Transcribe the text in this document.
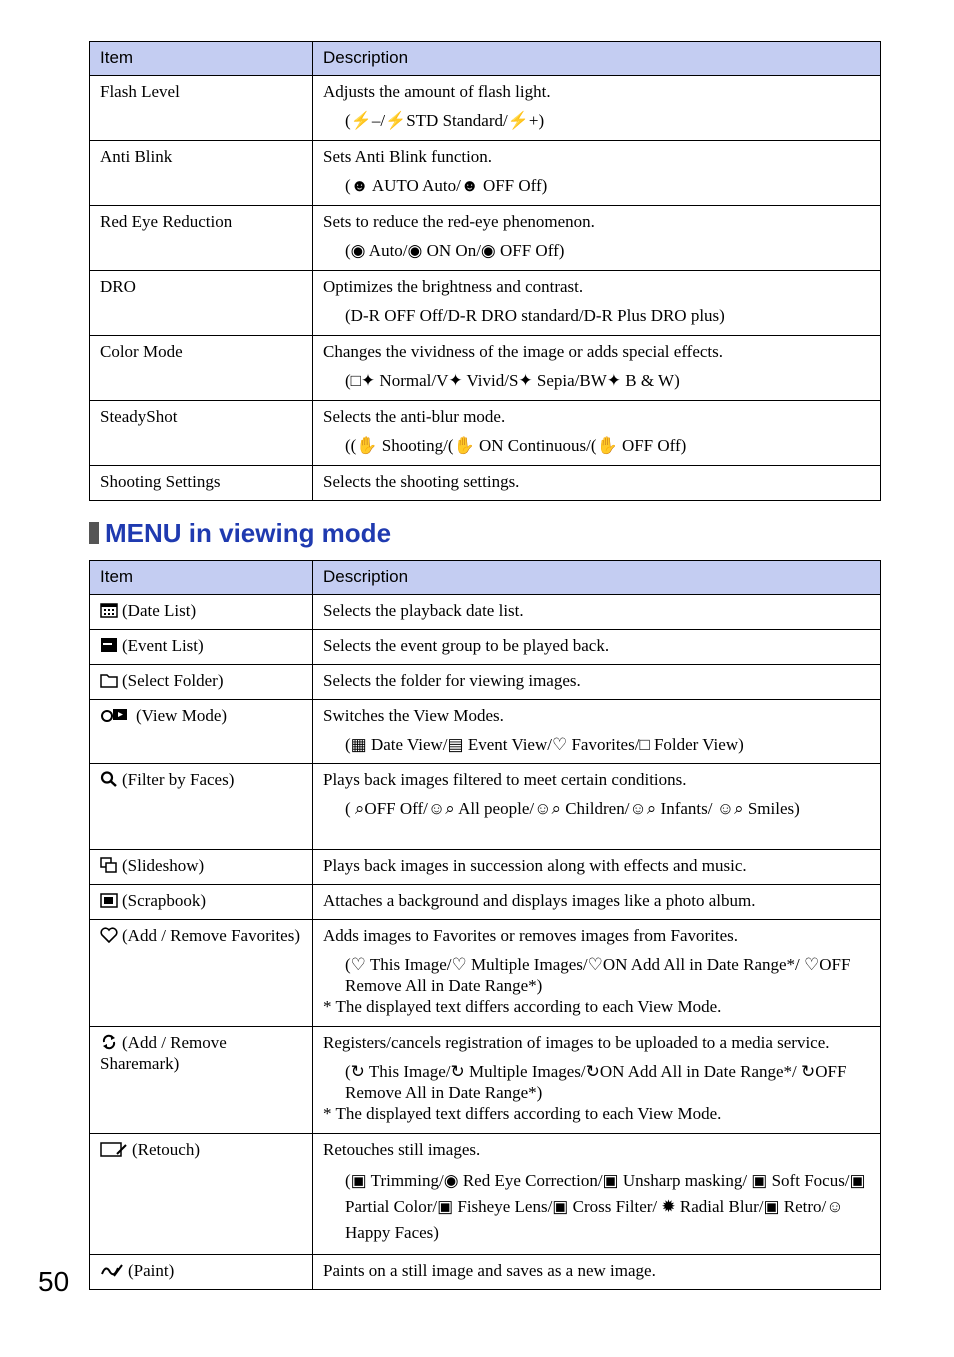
Item	Description
Flash Level	Adjusts the amount of flash light.
(⚡–/⚡STD Standard/⚡+)

Anti Blink	Sets Anti Blink function.
(☻ AUTO Auto/☻ OFF Off)

Red Eye Reduction	Sets to reduce the red-eye phenomenon.
(◉ Auto/◉ ON On/◉ OFF Off)

DRO	Optimizes the brightness and contrast.
(D-R OFF Off/D-R DRO standard/D-R Plus DRO plus)

Color Mode	Changes the vividness of the image or adds special effects.
(□✦ Normal/V✦ Vivid/S✦ Sepia/BW✦ B & W)

SteadyShot	Selects the anti-blur mode.
((✋ Shooting/(✋ ON Continuous/(✋ OFF Off)

Shooting Settings	Selects the shooting settings.
MENU in viewing mode
Item	Description
(Date List)	Selects the playback date list.
(Event List)	Selects the event group to be played back.
(Select Folder)	Selects the folder for viewing images.
(View Mode)	Switches the View Modes.
(▦ Date View/▤ Event View/♡ Favorites/□ Folder View)

(Filter by Faces)	Plays back images filtered to meet certain conditions.
( ⌕OFF Off/☺⌕ All people/☺⌕ Children/☺⌕ Infants/ ☺⌕ Smiles)

(Slideshow)	Plays back images in succession along with effects and music.
(Scrapbook)	Attaches a background and displays images like a photo album.
(Add / Remove Favorites)	Adds images to Favorites or removes images from Favorites.
(♡ This Image/♡ Multiple Images/♡ON Add All in Date Range*/ ♡OFF Remove All in Date Range*)
* The displayed text differs according to each View Mode.

(Add / Remove Sharemark)	Registers/cancels registration of images to be uploaded to a media service.
(↻ This Image/↻ Multiple Images/↻ON Add All in Date Range*/ ↻OFF Remove All in Date Range*)
* The displayed text differs according to each View Mode.

(Retouch)	Retouches still images.
(▣ Trimming/◉ Red Eye Correction/▣ Unsharp masking/ ▣ Soft Focus/▣ Partial Color/▣ Fisheye Lens/▣ Cross Filter/ ✹ Radial Blur/▣ Retro/☺ Happy Faces)

(Paint)	Paints on a still image and saves as a new image.
50
